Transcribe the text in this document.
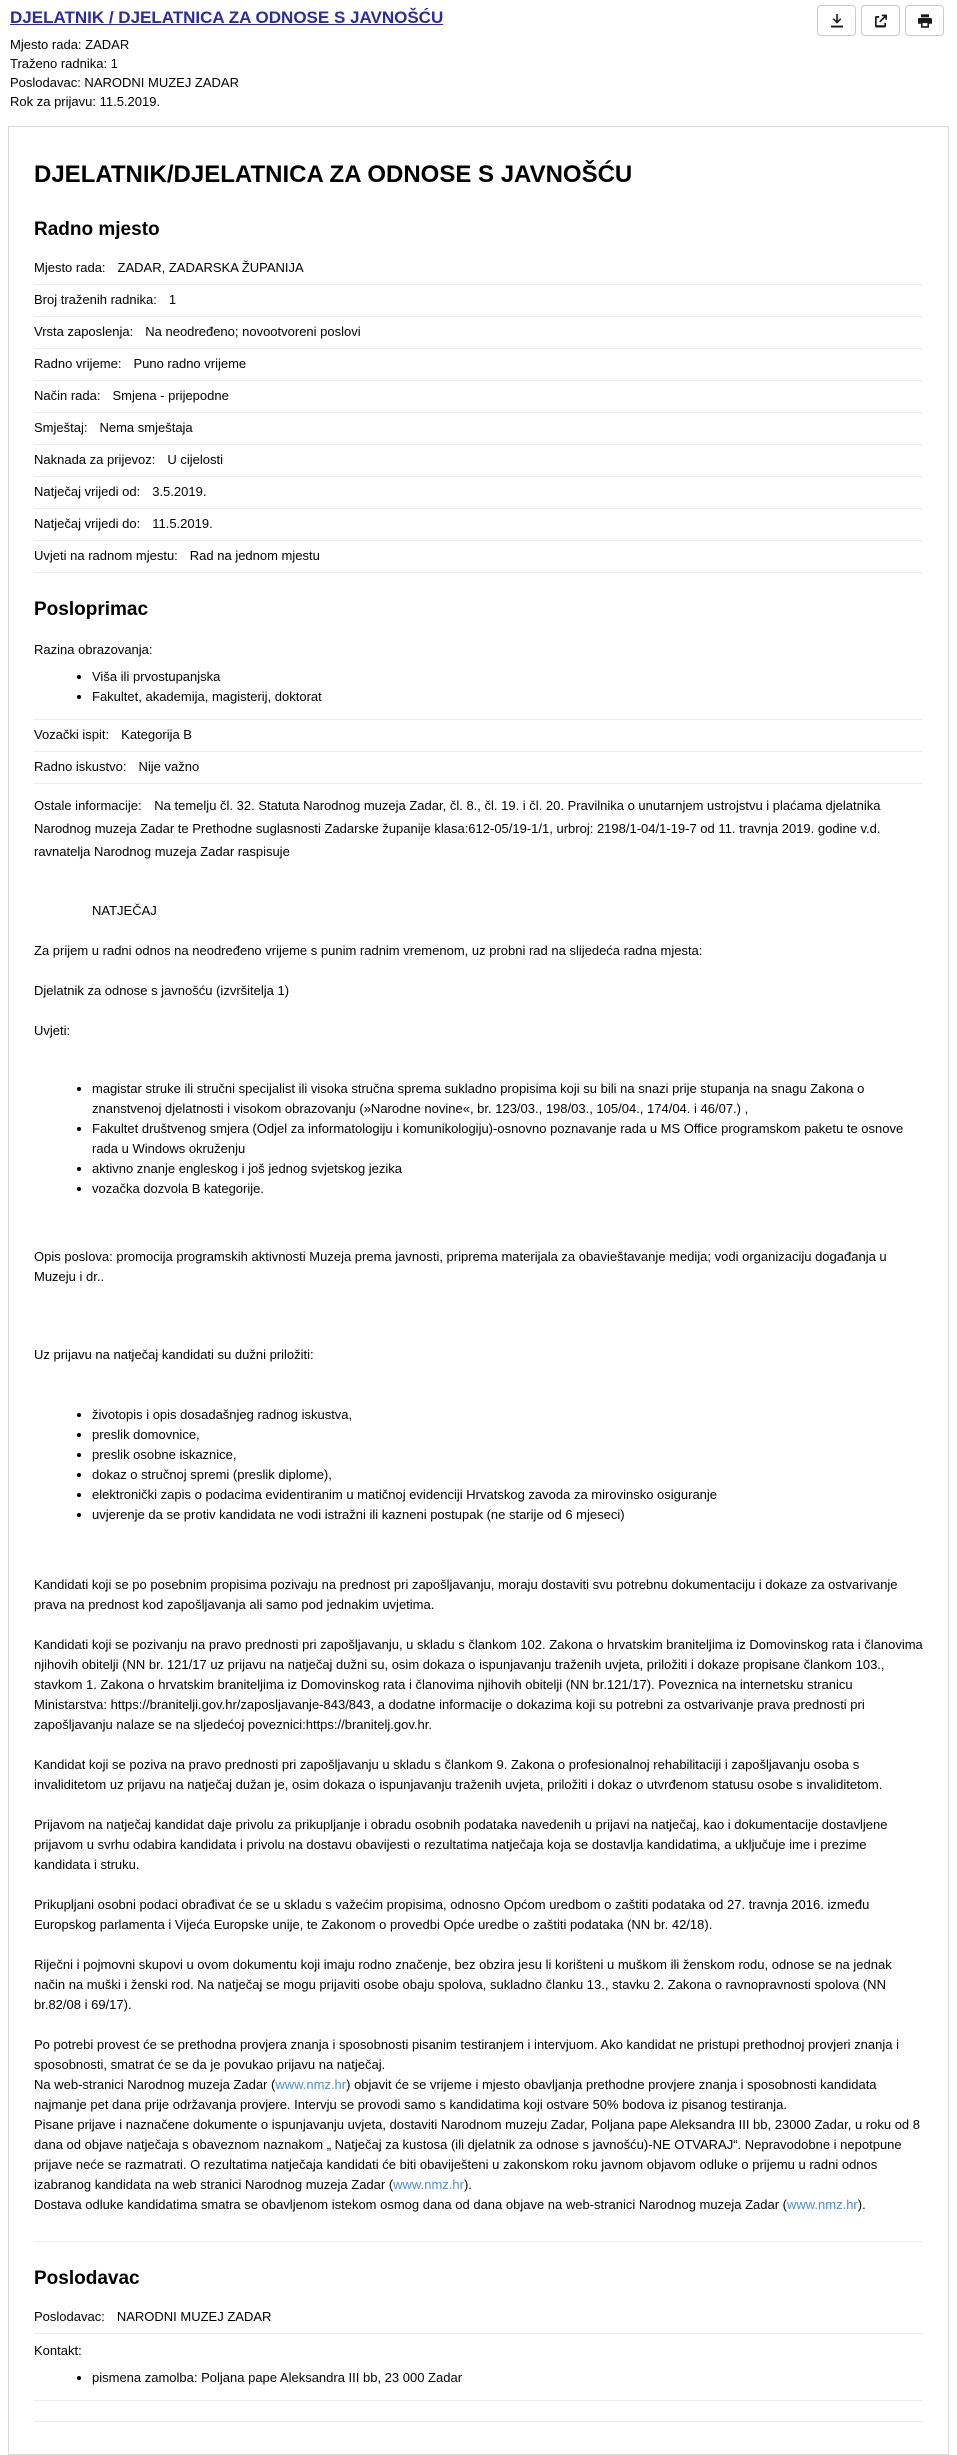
DJELATNIK / DJELATNICA ZA ODNOSE S JAVNOŠĆU
Mjesto rada: ZADAR
Traženo radnika: 1
Poslodavac: NARODNI MUZEJ ZADAR
Rok za prijavu: 11.5.2019.
DJELATNIK/DJELATNICA ZA ODNOSE S JAVNOŠĆU
Radno mjesto
Mjesto rada: ZADAR, ZADARSKA ŽUPANIJA
Broj traženih radnika: 1
Vrsta zaposlenja: Na neodređeno; novootvoreni poslovi
Radno vrijeme: Puno radno vrijeme
Način rada: Smjena - prijepodne
Smještaj: Nema smještaja
Naknada za prijevoz: U cijelosti
Natječaj vrijedi od: 3.5.2019.
Natječaj vrijedi do: 11.5.2019.
Uvjeti na radnom mjestu: Rad na jednom mjestu
Posloprimac
Razina obrazovanja:
• Viša ili prvostupanjska
• Fakultet, akademija, magisterij, doktorat
Vozački ispit: Kategorija B
Radno iskustvo: Nije važno

Ostale informacije: Na temelju čl. 32. Statuta Narodnog muzeja Zadar, čl. 8., čl. 19. i čl. 20. Pravilnika o unutarnjem ustrojstvu i plaćama djelatnika Narodnog muzeja Zadar te Prethodne suglasnosti Zadarske županije klasa:612-05/19-1/1, urbroj: 2198/1-04/1-19-7 od 11. travnja 2019. godine v.d. ravnatelja Narodnog muzeja Zadar raspisuje

NATJEČAJ

Za prijem u radni odnos na neodređeno vrijeme s punim radnim vremenom, uz probni rad na slijedeća radna mjesta:

Djelatnik za odnose s javnošću (izvršitelja 1)

Uvjeti:

• magistar struke ili stručni specijalist ili visoka stručna sprema sukladno propisima koji su bili na snazi prije stupanja na snagu Zakona o znanstvenoj djelatnosti i visokom obrazovanju (»Narodne novine«, br. 123/03., 198/03., 105/04., 174/04. i 46/07.) ,
• Fakultet društvenog smjera (Odjel za informatologiju i komunikologiju)-osnovno poznavanje rada u MS Office programskom paketu te osnove rada u Windows okruženju
• aktivno znanje engleskog i još jednog svjetskog jezika
• vozačka dozvola B kategorije.

Opis poslova: promocija programskih aktivnosti Muzeja prema javnosti, priprema materijala za obavieštavanje medija; vodi organizaciju događanja u Muzeju i dr..

Uz prijavu na natječaj kandidati su dužni priložiti:

• životopis i opis dosadašnjeg radnog iskustva,
• preslik domovnice,
• preslik osobne iskaznice,
• dokaz o stručnoj spremi (preslik diplome),
• elektronički zapis o podacima evidentiranim u matičnoj evidenciji Hrvatskog zavoda za mirovinsko osiguranje
• uvjerenje da se protiv kandidata ne vodi istražni ili kazneni postupak (ne starije od 6 mjeseci)

Kandidati koji se po posebnim propisima pozivaju na prednost pri zapošljavanju, moraju dostaviti svu potrebnu dokumentaciju i dokaze za ostvarivanje prava na prednost kod zapošljavanja ali samo pod jednakim uvjetima.

Kandidati koji se pozivanju na pravo prednosti pri zapošljavanju, u skladu s člankom 102. Zakona o hrvatskim braniteljima iz Domovinskog rata i članovima njihovih obitelji (NN br. 121/17 uz prijavu na natječaj dužni su, osim dokaza o ispunjavanju traženih uvjeta, priložiti i dokaze propisane člankom 103., stavkom 1. Zakona o hrvatskim braniteljima iz Domovinskog rata i članovima njihovih obitelji (NN br.121/17). Poveznica na internetsku stranicu Ministarstva: https://branitelji.gov.hr/zaposljavanje-843/843, a dodatne informacije o dokazima koji su potrebni za ostvarivanje prava prednosti pri zapošljavanju nalaze se na sljedećoj poveznici:https://branitelj.gov.hr.

Kandidat koji se poziva na pravo prednosti pri zapošljavanju u skladu s člankom 9. Zakona o profesionalnoj rehabilitaciji i zapošljavanju osoba s invaliditetom uz prijavu na natječaj dužan je, osim dokaza o ispunjavanju traženih uvjeta, priložiti i dokaz o utvrđenom statusu osobe s invaliditetom.

Prijavom na natječaj kandidat daje privolu za prikupljanje i obradu osobnih podataka navedenih u prijavi na natječaj, kao i dokumentacije dostavljene prijavom u svrhu odabira kandidata i privolu na dostavu obavijesti o rezultatima natječaja koja se dostavlja kandidatima, a uključuje ime i prezime kandidata i struku.

Prikupljani osobni podaci obrađivat će se u skladu s važećim propisima, odnosno Općom uredbom o zaštiti podataka od 27. travnja 2016. između Europskog parlamenta i Vijeća Europske unije, te Zakonom o provedbi Opće uredbe o zaštiti podataka (NN br. 42/18).

Riječni i pojmovni skupovi u ovom dokumentu koji imaju rodno značenje, bez obzira jesu li korišteni u muškom ili ženskom rodu, odnose se na jednak način na muški i ženski rod. Na natječaj se mogu prijaviti osobe obaju spolova, sukladno članku 13., stavku 2. Zakona o ravnopravnosti spolova (NN br.82/08 i 69/17).

Po potrebi provest će se prethodna provjera znanja i sposobnosti pisanim testiranjem i intervjuom. Ako kandidat ne pristupi prethodnoj provjeri znanja i sposobnosti, smatrat će se da je povukao prijavu na natječaj.

Na web-stranici Narodnog muzeja Zadar (www.nmz.hr) objavit će se vrijeme i mjesto obavljanja prethodne provjere znanja i sposobnosti kandidata najmanje pet dana prije održavanja provjere. Intervju se provodi samo s kandidatima koji ostvare 50% bodova iz pisanog testiranja.

Pisane prijave i naznačene dokumente o ispunjavanju uvjeta, dostaviti Narodnom muzeju Zadar, Poljana pape Aleksandra III bb, 23000 Zadar, u roku od 8 dana od objave natječaja s obaveznom naznakom „ Natječaj za kustosa (ili djelatnik za odnose s javnošću)-NE OTVARAJ“. Nepravodobne i nepotpune prijave neće se razmatrati. O rezultatima natječaja kandidati će biti obaviješteni u zakonskom roku javnom objavom odluke o prijemu u radni odnos izabranog kandidata na web stranici Narodnog muzeja Zadar (www.nmz.hr).

Dostava odluke kandidatima smatra se obavljenom istekom osmog dana od dana objave na web-stranici Narodnog muzeja Zadar (www.nmz.hr).

Poslodavac
Poslodavac: NARODNI MUZEJ ZADAR
Kontakt:
• pismena zamolba: Poljana pape Aleksandra III bb, 23 000 Zadar
